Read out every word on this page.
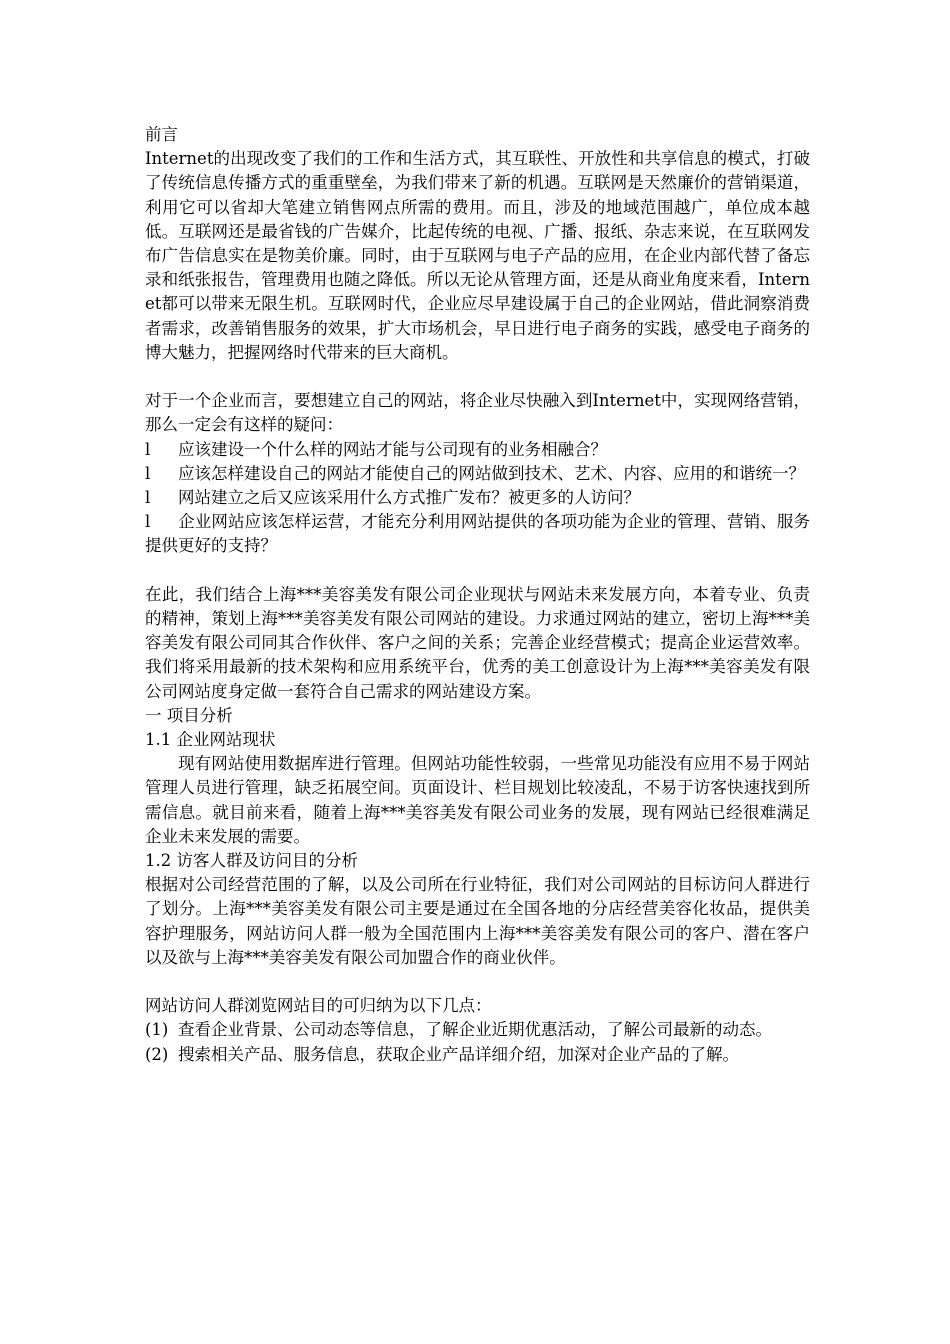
前言

Internet的出现改变了我们的工作和生活方式，其互联性、开放性和共享信息的模式，打破了传统信息传播方式的重重壁垒，为我们带来了新的机遇。互联网是天然廉价的营销渠道，利用它可以省却大笔建立销售网点所需的费用。而且，涉及的地域范围越广，单位成本越低。互联网还是最省钱的广告媒介，比起传统的电视、广播、报纸、杂志来说，在互联网发布广告信息实在是物美价廉。同时，由于互联网与电子产品的应用，在企业内部代替了备忘录和纸张报告，管理费用也随之降低。所以无论从管理方面，还是从商业角度来看，Internet都可以带来无限生机。互联网时代，企业应尽早建设属于自己的企业网站，借此洞察消费者需求，改善销售服务的效果，扩大市场机会，早日进行电子商务的实践，感受电子商务的博大魅力，把握网络时代带来的巨大商机。

对于一个企业而言，要想建立自己的网站，将企业尽快融入到Internet中，实现网络营销，那么一定会有这样的疑问：

l 应该建设一个什么样的网站才能与公司现有的业务相融合？

l 应该怎样建设自己的网站才能使自己的网站做到技术、艺术、内容、应用的和谐统一？

l 网站建立之后又应该采用什么方式推广发布？被更多的人访问？

l 企业网站应该怎样运营，才能充分利用网站提供的各项功能为企业的管理、营销、服务提供更好的支持？

在此，我们结合上海***美容美发有限公司企业现状与网站未来发展方向，本着专业、负责的精神，策划上海***美容美发有限公司网站的建设。力求通过网站的建立，密切上海***美容美发有限公司同其合作伙伴、客户之间的关系；完善企业经营模式；提高企业运营效率。我们将采用最新的技术架构和应用系统平台，优秀的美工创意设计为上海***美容美发有限公司网站度身定做一套符合自己需求的网站建设方案。

一 项目分析

1.1 企业网站现状

现有网站使用数据库进行管理。但网站功能性较弱，一些常见功能没有应用不易于网站管理人员进行管理，缺乏拓展空间。页面设计、栏目规划比较凌乱，不易于访客快速找到所需信息。就目前来看，随着上海***美容美发有限公司业务的发展，现有网站已经很难满足企业未来发展的需要。

1.2 访客人群及访问目的分析

根据对公司经营范围的了解，以及公司所在行业特征，我们对公司网站的目标访问人群进行了划分。上海***美容美发有限公司主要是通过在全国各地的分店经营美容化妆品，提供美容护理服务，网站访问人群一般为全国范围内上海***美容美发有限公司的客户、潜在客户以及欲与上海***美容美发有限公司加盟合作的商业伙伴。

网站访问人群浏览网站目的可归纳为以下几点：

(1) 查看企业背景、公司动态等信息，了解企业近期优惠活动，了解公司最新的动态。

(2) 搜索相关产品、服务信息，获取企业产品详细介绍，加深对企业产品的了解。
